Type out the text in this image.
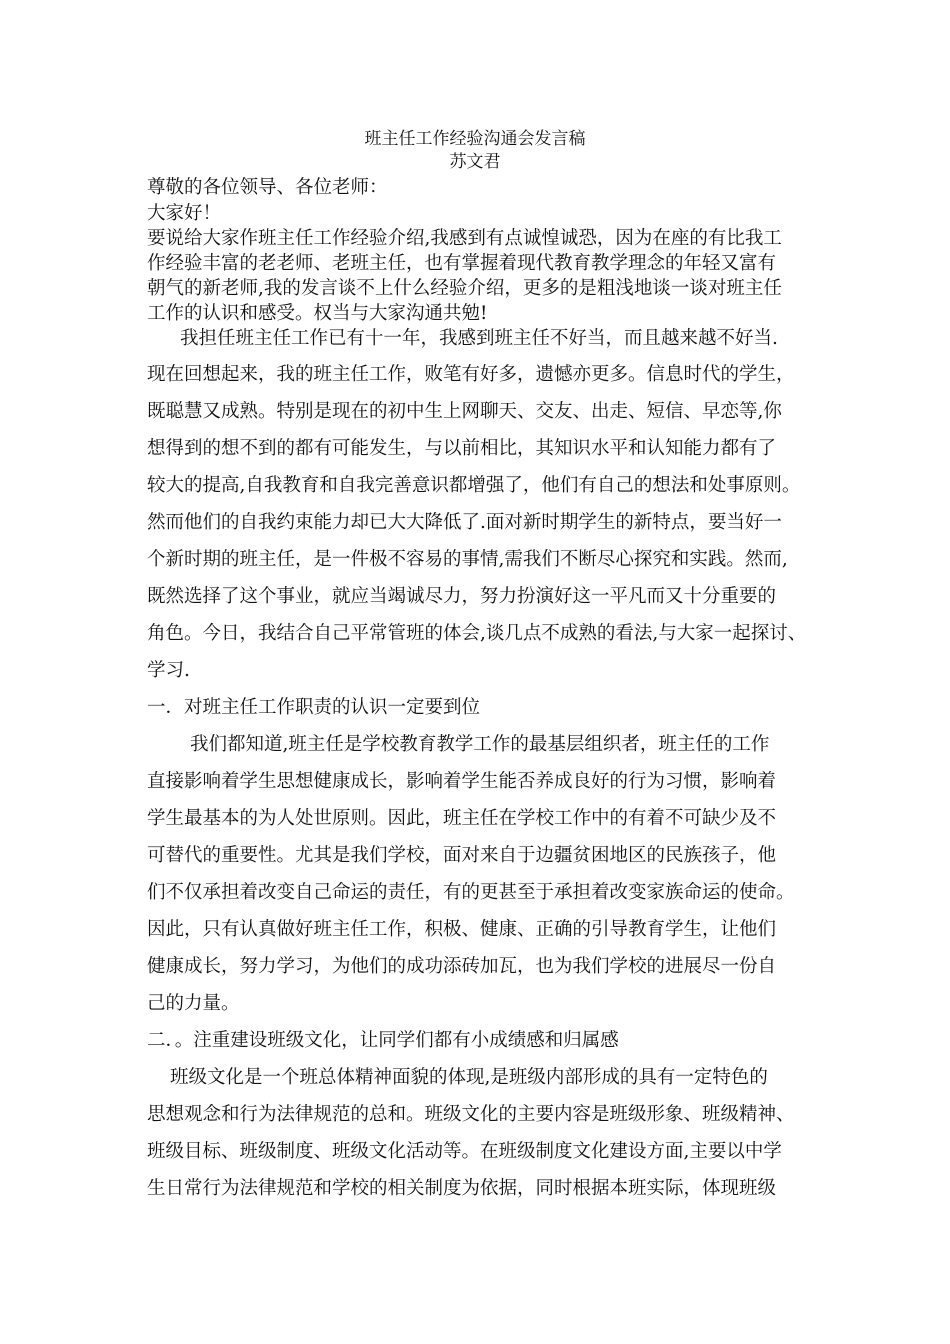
班主任工作经验沟通会发言稿
苏文君
尊敬的各位领导、各位老师：
大家好！
要说给大家作班主任工作经验介绍,我感到有点诚惶诚恐，因为在座的有比我工
作经验丰富的老老师、老班主任，也有掌握着现代教育教学理念的年轻又富有
朝气的新老师,我的发言谈不上什么经验介绍，更多的是粗浅地谈一谈对班主任
工作的认识和感受。权当与大家沟通共勉!
我担任班主任工作已有十一年，我感到班主任不好当，而且越来越不好当.
现在回想起来，我的班主任工作，败笔有好多，遗憾亦更多。信息时代的学生，
既聪慧又成熟。特别是现在的初中生上网聊天、交友、出走、短信、早恋等,你
想得到的想不到的都有可能发生，与以前相比，其知识水平和认知能力都有了
较大的提高,自我教育和自我完善意识都增强了，他们有自己的想法和处事原则。
然而他们的自我约束能力却已大大降低了.面对新时期学生的新特点，要当好一
个新时期的班主任，是一件极不容易的事情,需我们不断尽心探究和实践。然而,
既然选择了这个事业，就应当竭诚尽力，努力扮演好这一平凡而又十分重要的
角色。今日，我结合自己平常管班的体会,谈几点不成熟的看法,与大家一起探讨、
学习.
一．对班主任工作职责的认识一定要到位
我们都知道,班主任是学校教育教学工作的最基层组织者，班主任的工作
直接影响着学生思想健康成长，影响着学生能否养成良好的行为习惯，影响着
学生最基本的为人处世原则。因此，班主任在学校工作中的有着不可缺少及不
可替代的重要性。尤其是我们学校，面对来自于边疆贫困地区的民族孩子，他
们不仅承担着改变自己命运的责任，有的更甚至于承担着改变家族命运的使命。
因此，只有认真做好班主任工作，积极、健康、正确的引导教育学生，让他们
健康成长，努力学习，为他们的成功添砖加瓦，也为我们学校的进展尽一份自
己的力量。
二．。注重建设班级文化，让同学们都有小成绩感和归属感
班级文化是一个班总体精神面貌的体现,是班级内部形成的具有一定特色的
思想观念和行为法律规范的总和。班级文化的主要内容是班级形象、班级精神、
班级目标、班级制度、班级文化活动等。在班级制度文化建设方面,主要以中学
生日常行为法律规范和学校的相关制度为依据，同时根据本班实际，体现班级
